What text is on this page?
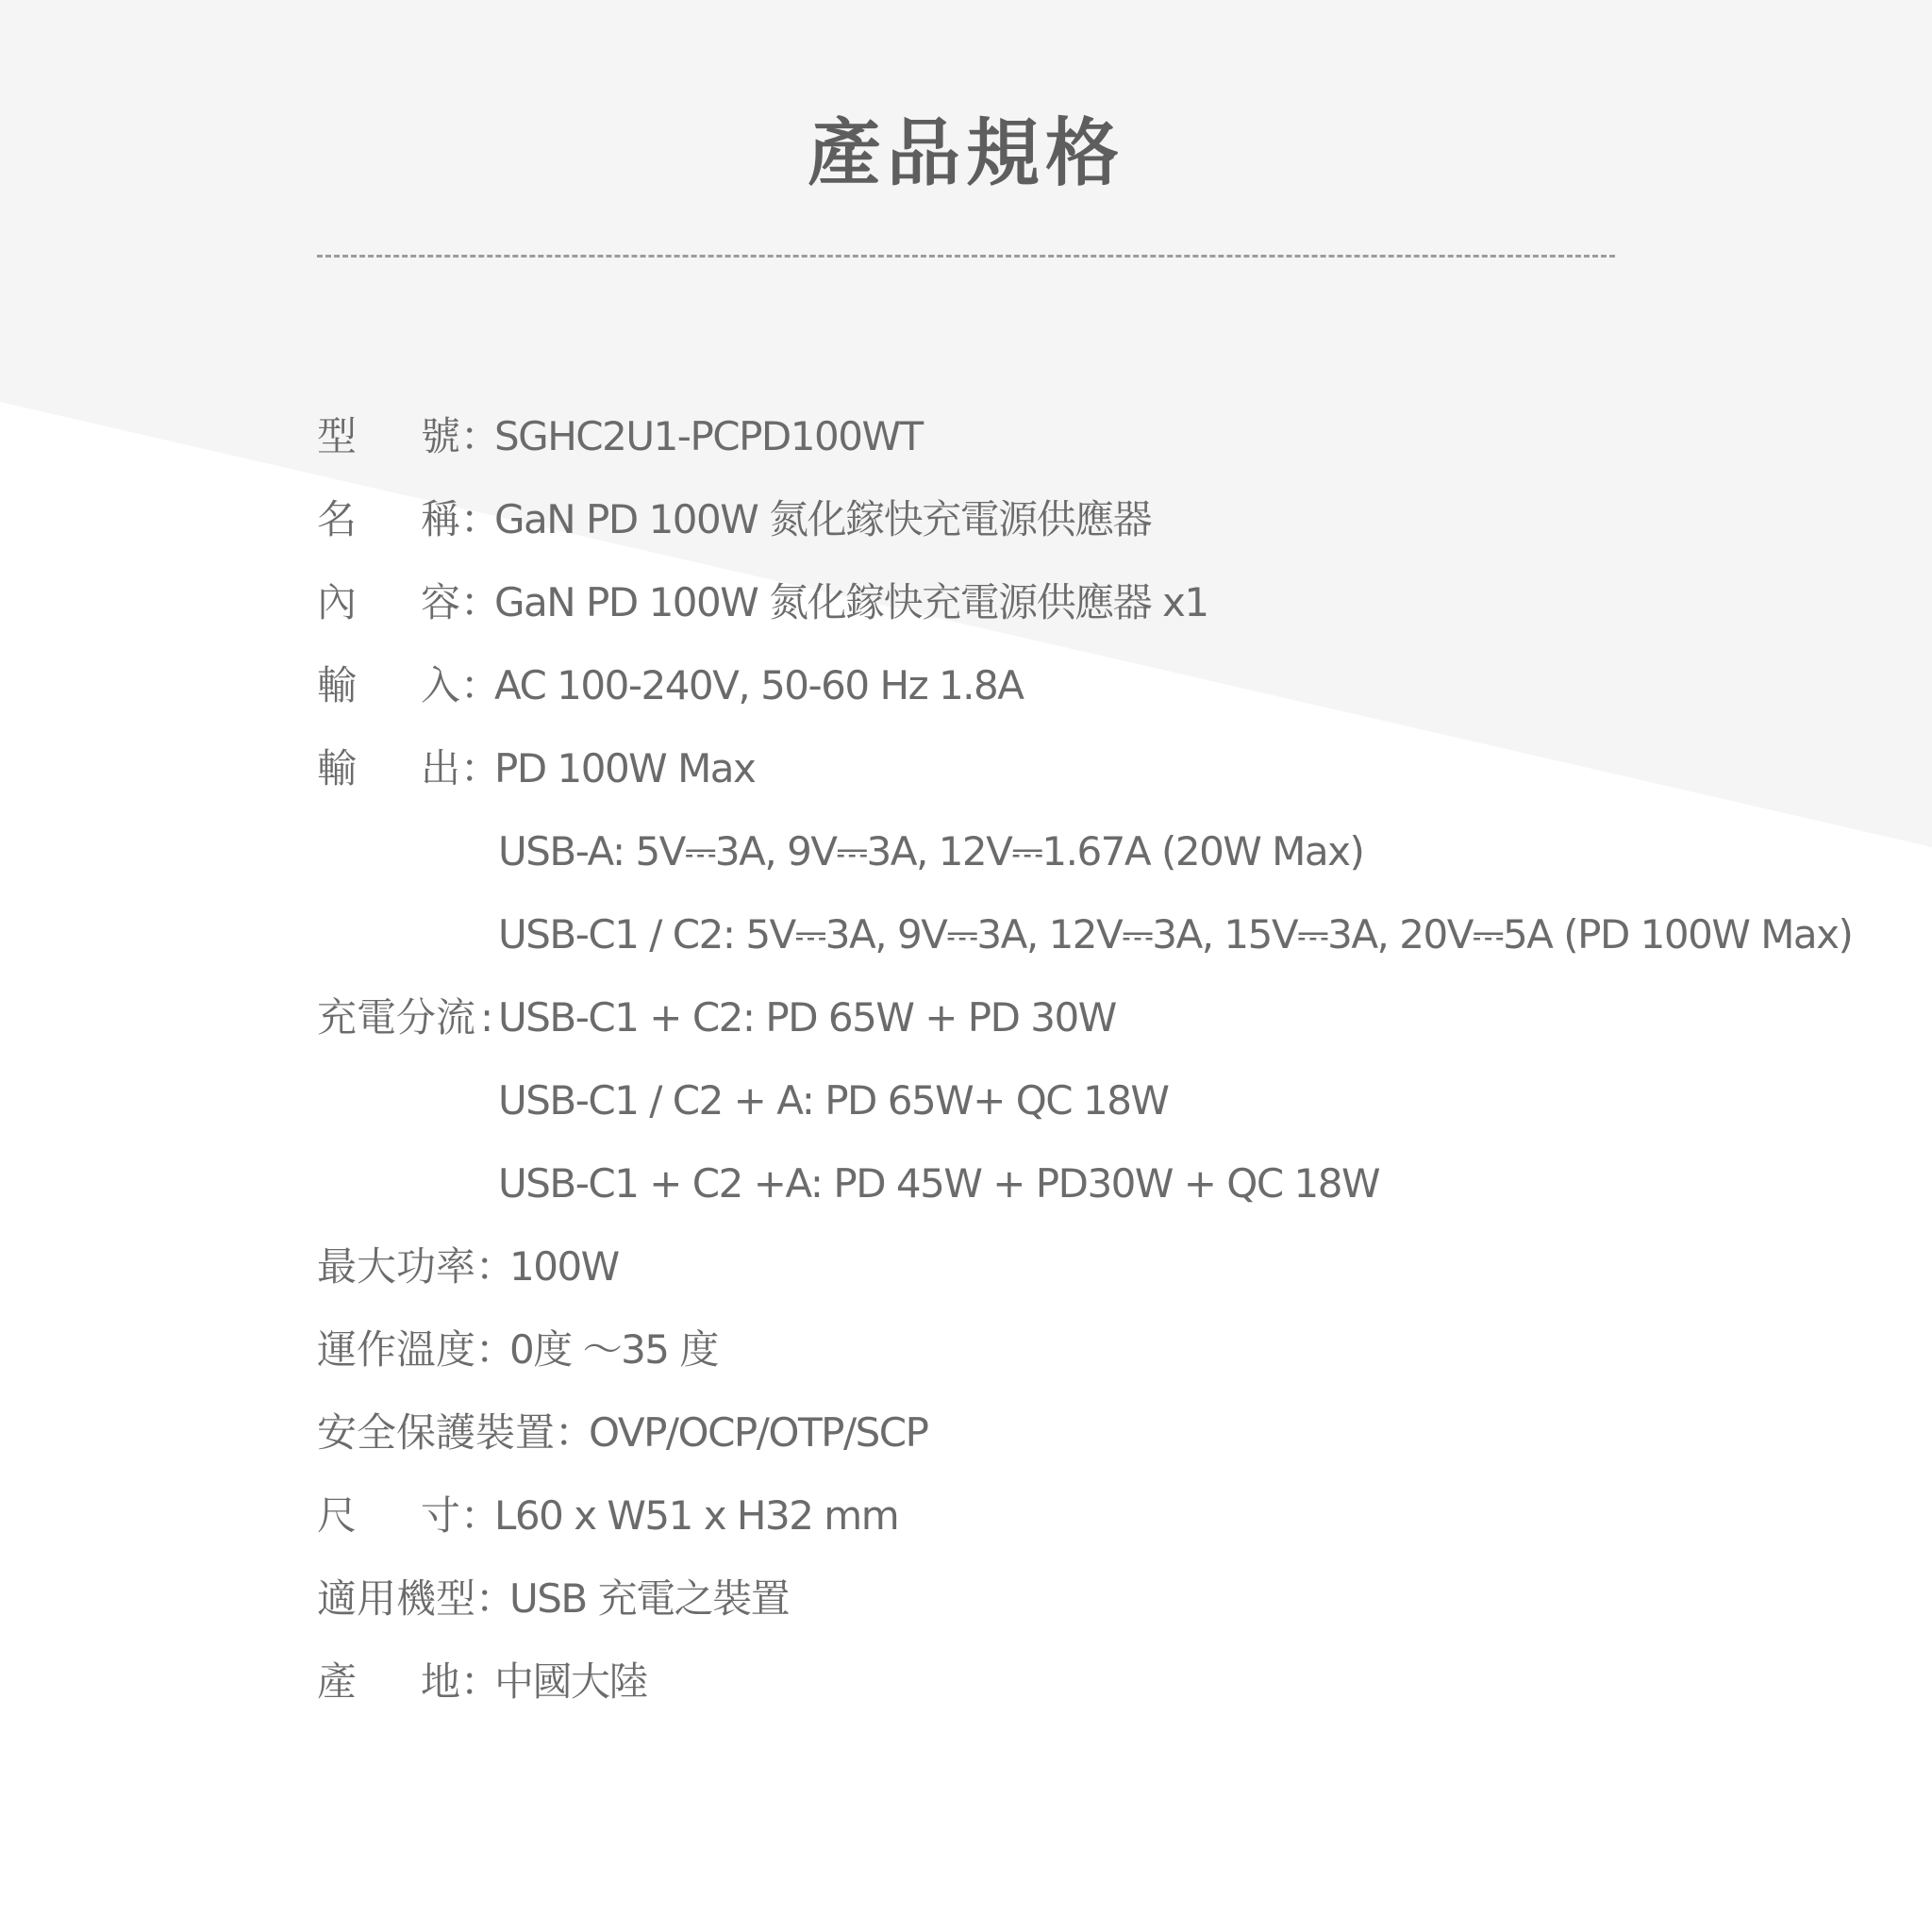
產品規格
型 號 ：SGHC2U1-PCPD100WT
名 稱 ：GaN PD 100W 氮化鎵快充電源供應器
內 容 ：GaN PD 100W 氮化鎵快充電源供應器 x1
輸 入 ：AC 100-240V, 50-60 Hz 1.8A
輸 出 ：PD 100W Max
USB-A: 5V⎓3A, 9V⎓3A, 12V⎓1.67A (20W Max)
USB-C1 / C2: 5V⎓3A, 9V⎓3A, 12V⎓3A, 15V⎓3A, 20V⎓5A (PD 100W Max)
充電分流 : USB-C1 + C2: PD 65W + PD 30W
USB-C1 / C2 + A: PD 65W+ QC 18W
USB-C1 + C2 +A: PD 45W + PD30W + QC 18W
最大功率：100W
運作溫度：0度 ～35 度
安全保護裝置：OVP/OCP/OTP/SCP
尺 寸 ：L60 x W51 x H32 mm
適用機型：USB 充電之裝置
產 地 ：中國大陸
